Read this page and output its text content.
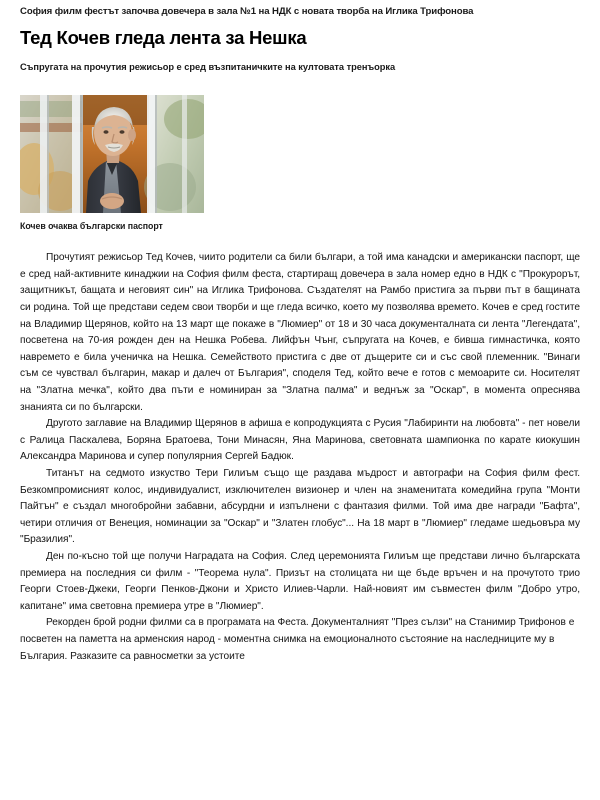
София филм фестът започва довечера в зала №1 на НДК с новата творба на Иглика Трифонова
Тед Кочев гледа лента за Нешка
Съпругата на прочутия режисьор е сред възпитаничките на култовата тренъорка
Кочев очаква български паспорт

Прочутият режисьор Тед Кочев, чиито родители са били българи, а той има канадски и американски паспорт, ще е сред най-активните кинаджии на София филм феста, стартиращ довечера в зала номер едно в НДК с "Прокурорът, защитникът, бащата и неговият син" на Иглика Трифонова. Създателят на Рамбо пристига за първи път в бащината си родина. Той ще представи седем свои творби и ще гледа всичко, което му позволява времето. Кочев е сред гостите на Владимир Щерянов, който на 13 март ще покаже в "Люмиер" от 18 и 30 часа документалната си лента "Легендата", посветена на 70-ия рожден ден на Нешка Робева. Лийфън Чънг, съпругата на Кочев, е бивша гимнастичка, която навремето е била ученичка на Нешка. Семейството пристига с две от дъщерите си и със свой племенник. "Винаги съм се чувствал българин, макар и далеч от България", споделя Тед, който вече е готов с мемоарите си. Носителят на "Златна мечка", който два пъти е номиниран за "Златна палма" и веднъж за "Оскар", в момента опреснява знанията си по български.

Другото заглавие на Владимир Щерянов в афиша е копродукцията с Русия "Лабиринти на любовта" - пет новели с Ралица Паскалева, Боряна Братоева, Тони Минасян, Яна Маринова, световната шампионка по карате киокушин Александра Маринова и супер популярния Сергей Бадюк.

Титанът на седмото изкуство Тери Гилиъм също ще раздава мъдрост и автографи на София филм фест. Безкомпромисният колос, индивидуалист, изключителен визионер и член на знаменитата комедийна група "Монти Пайтън" е създал многобройни забавни, абсурдни и изпълнени с фантазия филми. Той има две награди "Бафта", четири отличия от Венеция, номинации за "Оскар" и "Златен глобус"... На 18 март в "Люмиер" гледаме шедьовъра му "Бразилия".

Ден по-късно той ще получи Наградата на София. След церемонията Гилиъм ще представи лично българската премиера на последния си филм - "Теорема нула". Призът на столицата ни ще бъде връчен и на прочутото трио Георги Стоев-Джеки, Георги Пенков-Джони и Христо Илиев-Чарли. Най-новият им съвместен филм "Добро утро, капитане" има световна премиера утре в "Люмиер".

Рекорден брой родни филми са в програмата на Феста. Документалният "През сълзи" на Станимир Трифонов е посветен на паметта на арменския народ - моментна снимка на емоционалното състояние на наследниците му в България. Разказите са равносметки за устоите
